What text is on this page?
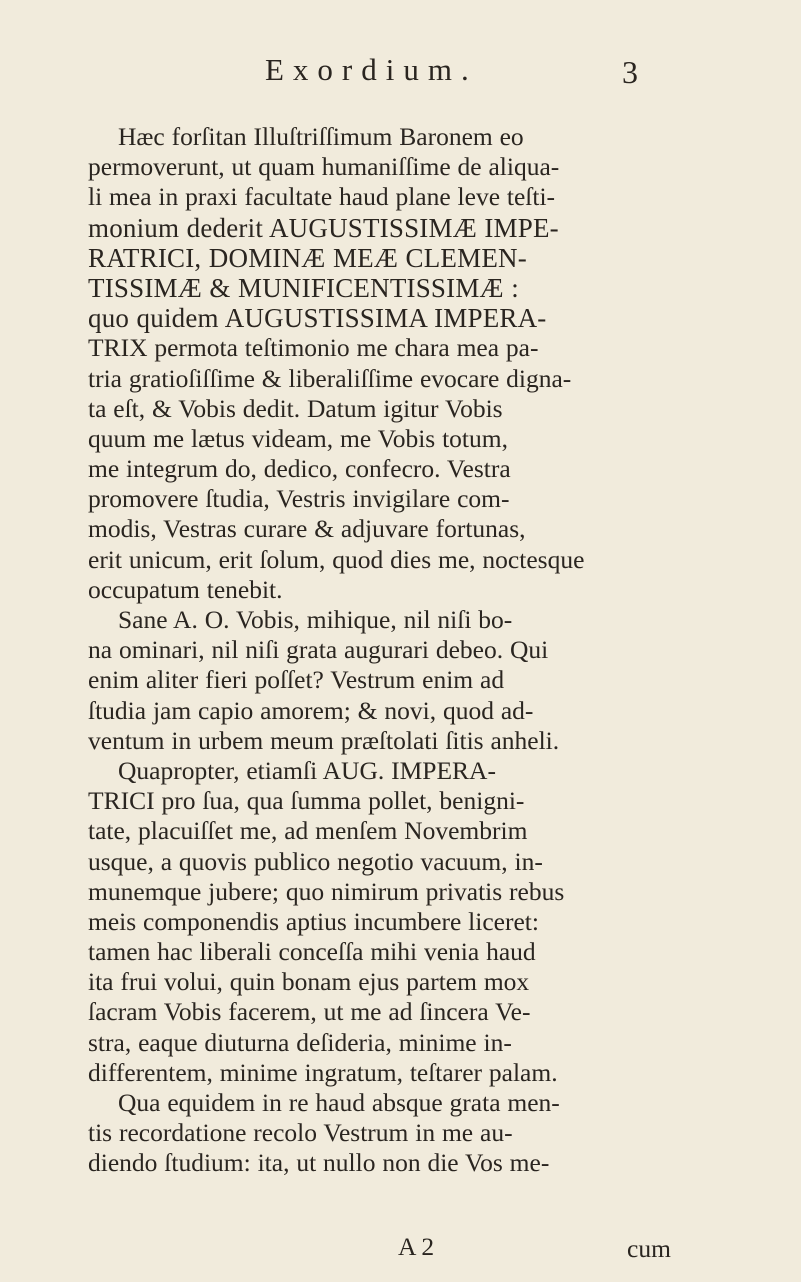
Exordium.	3
Hæc forſitan Illuſtriſſimum Baronem eo
permoverunt, ut quam humaniſſime de aliqua-
li mea in praxi facultate haud plane leve teſti-
monium dederit AUGUSTISSIMÆ IMPE-
RATRICI, DOMINÆ MEÆ CLEMEN-
TISSIMÆ & MUNIFICENTISSIMÆ :
quo quidem AUGUSTISSIMA IMPERA-
TRIX permota teſtimonio me chara mea pa-
tria gratioſiſſime & liberaliſſime evocare digna-
ta eſt, & Vobis dedit. Datum igitur Vobis
quum me lætus videam, me Vobis totum,
me integrum do, dedico, confecro. Vestra
promovere ſtudia, Vestris invigilare com-
modis, Vestras curare & adjuvare fortunas,
erit unicum, erit ſolum, quod dies me, noctesque
occupatum tenebit.
Sane A. O. Vobis, mihique, nil niſi bo-
na ominari, nil niſi grata augurari debeo. Qui
enim aliter fieri poſſet? Vestrum enim ad
ſtudia jam capio amorem; & novi, quod ad-
ventum in urbem meum præſtolati ſitis anheli.
Quapropter, etiamſi AUG. IMPERA-
TRICI pro ſua, qua ſumma pollet, benigni-
tate, placuiſſet me, ad menſem Novembrim
usque, a quovis publico negotio vacuum, in-
munemque jubere; quo nimirum privatis rebus
meis componendis aptius incumbere liceret:
tamen hac liberali conceſſa mihi venia haud
ita frui volui, quin bonam ejus partem mox
ſacram Vobis facerem, ut me ad ſincera Ve-
stra, eaque diuturna deſideria, minime in-
differentem, minime ingratum, teſtarer palam.
Qua equidem in re haud absque grata men-
tis recordatione recolo Vestrum in me au-
diendo ſtudium: ita, ut nullo non die Vos me-
A 2	cum
